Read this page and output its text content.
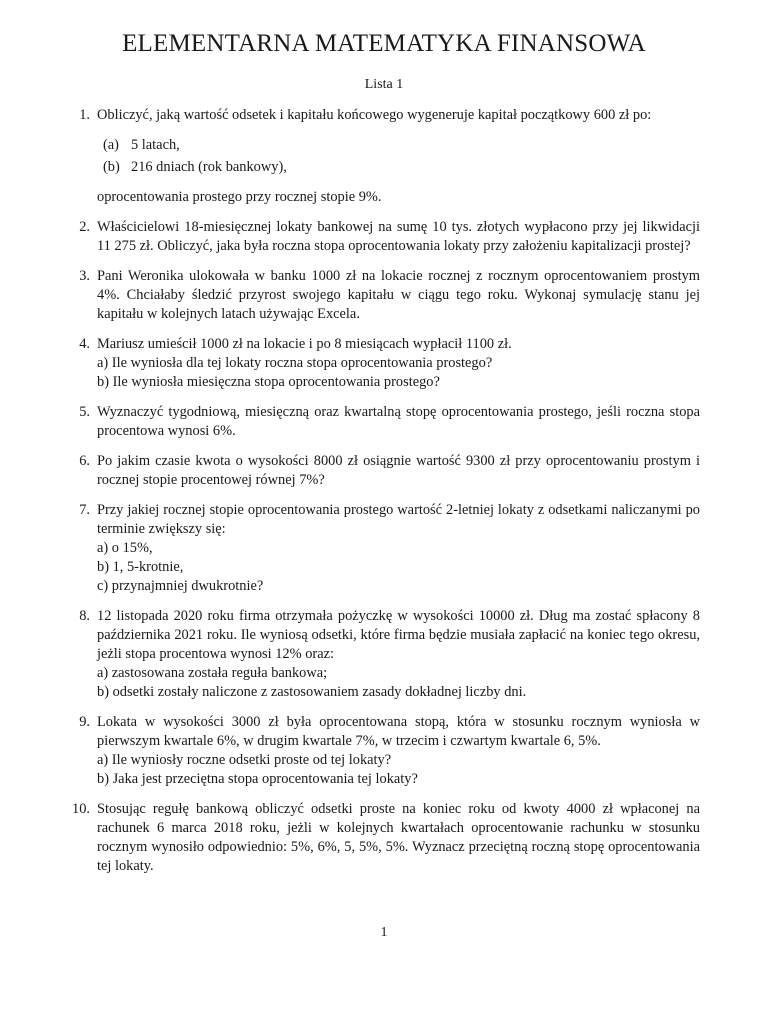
ELEMENTARNA MATEMATYKA FINANSOWA
Lista 1
1. Obliczyć, jaką wartość odsetek i kapitału końcowego wygeneruje kapitał początkowy 600 zł po:
(a) 5 latach,
(b) 216 dniach (rok bankowy),
oprocentowania prostego przy rocznej stopie 9%.
2. Właścicielowi 18-miesięcznej lokaty bankowej na sumę 10 tys. złotych wypłacono przy jej likwidacji 11 275 zł. Obliczyć, jaka była roczna stopa oprocentowania lokaty przy założeniu kapitalizacji prostej?
3. Pani Weronika ulokowała w banku 1000 zł na lokacie rocznej z rocznym oprocentowaniem prostym 4%. Chciałaby śledzić przyrost swojego kapitału w ciągu tego roku. Wykonaj symulację stanu jej kapitału w kolejnych latach używając Excela.
4. Mariusz umieścił 1000 zł na lokacie i po 8 miesiącach wypłacił 1100 zł.
a) Ile wyniosła dla tej lokaty roczna stopa oprocentowania prostego?
b) Ile wyniosła miesięczna stopa oprocentowania prostego?
5. Wyznaczyć tygodniową, miesięczną oraz kwartalną stopę oprocentowania prostego, jeśli roczna stopa procentowa wynosi 6%.
6. Po jakim czasie kwota o wysokości 8000 zł osiągnie wartość 9300 zł przy oprocentowaniu prostym i rocznej stopie procentowej równej 7%?
7. Przy jakiej rocznej stopie oprocentowania prostego wartość 2-letniej lokaty z odsetkami naliczanymi po terminie zwiększy się:
a) o 15%,
b) 1, 5-krotnie,
c) przynajmniej dwukrotnie?
8. 12 listopada 2020 roku firma otrzymała pożyczkę w wysokości 10000 zł. Dług ma zostać spłacony 8 października 2021 roku. Ile wyniosą odsetki, które firma będzie musiała zapłacić na koniec tego okresu, jeżli stopa procentowa wynosi 12% oraz:
a) zastosowana została reguła bankowa;
b) odsetki zostały naliczone z zastosowaniem zasady dokładnej liczby dni.
9. Lokata w wysokości 3000 zł była oprocentowana stopą, która w stosunku rocznym wyniosła w pierwszym kwartale 6%, w drugim kwartale 7%, w trzecim i czwartym kwartale 6, 5%.
a) Ile wyniosły roczne odsetki proste od tej lokaty?
b) Jaka jest przeciętna stopa oprocentowania tej lokaty?
10. Stosując regułę bankową obliczyć odsetki proste na koniec roku od kwoty 4000 zł wpłaconej na rachunek 6 marca 2018 roku, jeżli w kolejnych kwartałach oprocentowanie rachunku w stosunku rocznym wynosiło odpowiednio: 5%, 6%, 5, 5%, 5%. Wyznacz przeciętną roczną stopę oprocentowania tej lokaty.
1
